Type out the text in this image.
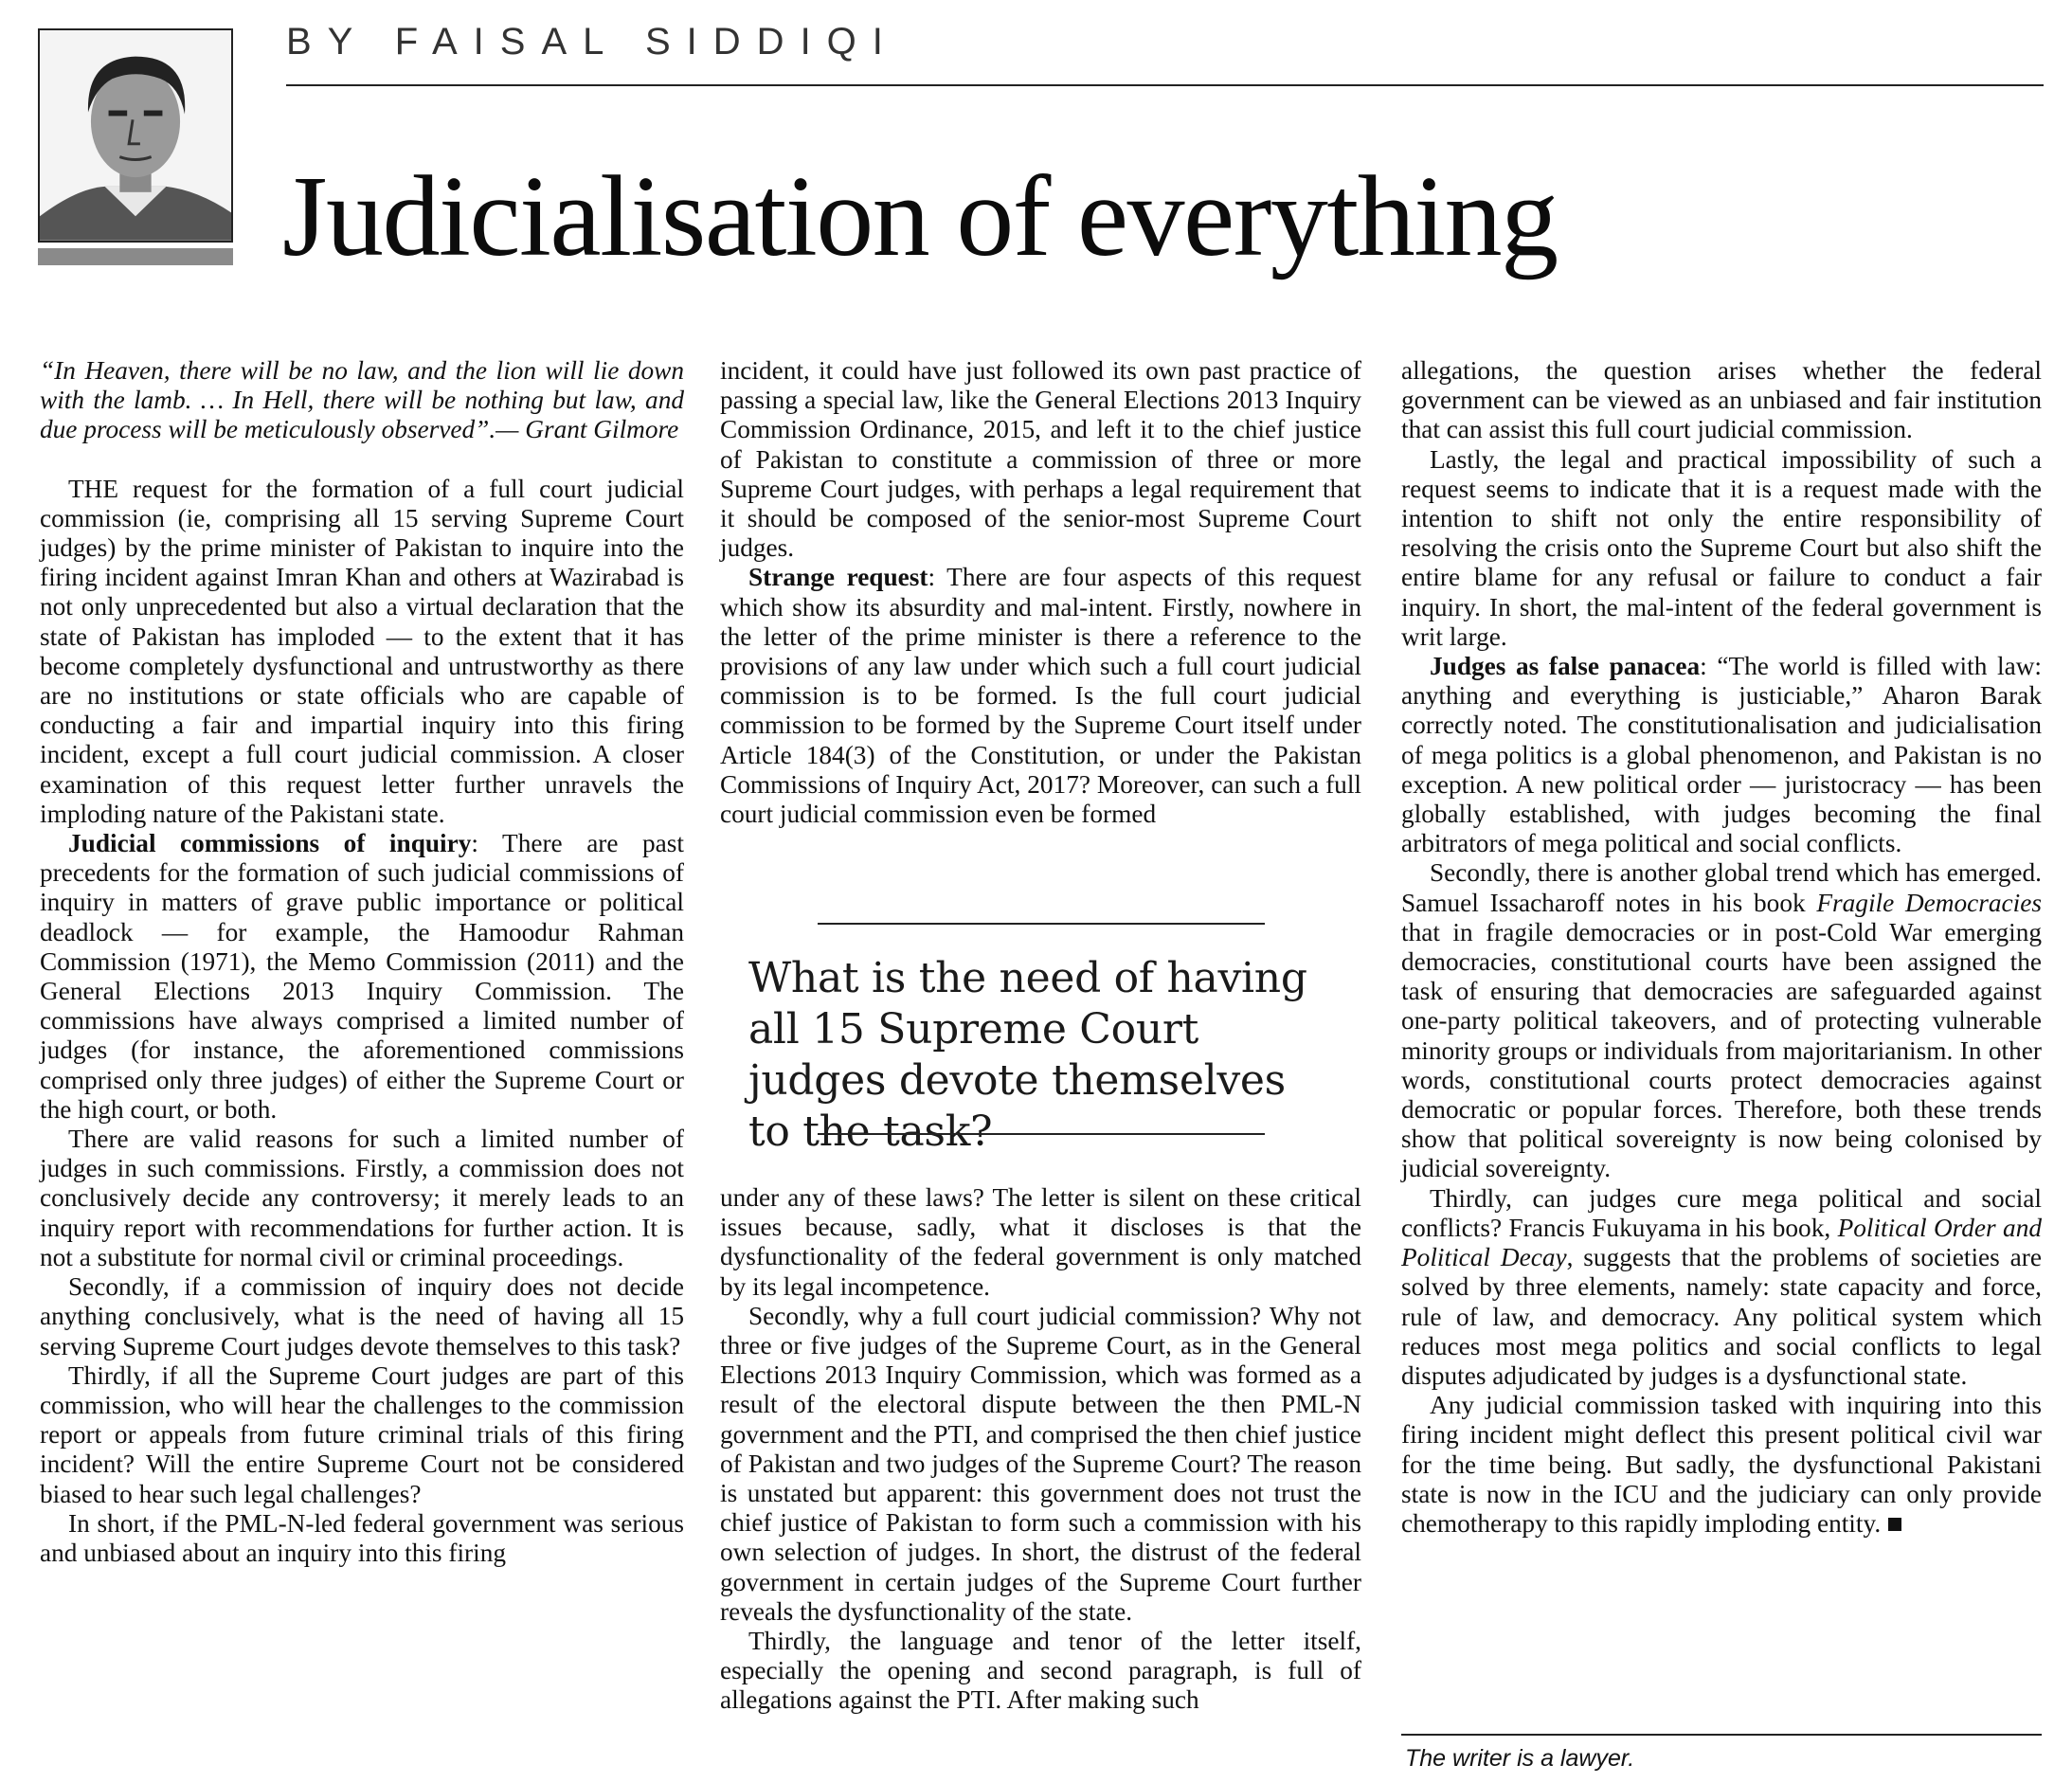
BY FAISAL SIDDIQI
Judicialisation of everything

“In Heaven, there will be no law, and the lion will lie down with the lamb. … In Hell, there will be nothing but law, and due process will be meticulously observed”.— Grant Gilmore

THE request for the formation of a full court judicial commission (ie, comprising all 15 serving Supreme Court judges) by the prime minister of Pakistan to inquire into the firing incident against Imran Khan and others at Wazirabad is not only unprecedented but also a virtual declaration that the state of Pakistan has imploded — to the extent that it has become completely dysfunctional and untrustworthy as there are no institutions or state officials who are capable of conducting a fair and impartial inquiry into this firing incident, except a full court judicial commission. A closer examination of this request letter further unravels the imploding nature of the Pakistani state.

Judicial commissions of inquiry: There are past precedents for the formation of such judicial commissions of inquiry in matters of grave public importance or political deadlock — for example, the Hamoodur Rahman Commission (1971), the Memo Commission (2011) and the General Elections 2013 Inquiry Commission. The commissions have always comprised a limited number of judges (for instance, the aforementioned commissions comprised only three judges) of either the Supreme Court or the high court, or both.

There are valid reasons for such a limited number of judges in such commissions. Firstly, a commission does not conclusively decide any controversy; it merely leads to an inquiry report with recommendations for further action. It is not a substitute for normal civil or criminal proceedings.

Secondly, if a commission of inquiry does not decide anything conclusively, what is the need of having all 15 serving Supreme Court judges devote themselves to this task?

Thirdly, if all the Supreme Court judges are part of this commission, who will hear the challenges to the commission report or appeals from future criminal trials of this firing incident? Will the entire Supreme Court not be considered biased to hear such legal challenges?

In short, if the PML-N-led federal government was serious and unbiased about an inquiry into this firing

incident, it could have just followed its own past practice of passing a special law, like the General Elections 2013 Inquiry Commission Ordinance, 2015, and left it to the chief justice of Pakistan to constitute a commission of three or more Supreme Court judges, with perhaps a legal requirement that it should be composed of the senior-most Supreme Court judges.

Strange request: There are four aspects of this request which show its absurdity and mal-intent. Firstly, nowhere in the letter of the prime minister is there a reference to the provisions of any law under which such a full court judicial commission is to be formed. Is the full court judicial commission to be formed by the Supreme Court itself under Article 184(3) of the Constitution, or under the Pakistan Commissions of Inquiry Act, 2017? Moreover, can such a full court judicial commission even be formed

What is the need of having all 15 Supreme Court judges devote themselves to the task?

under any of these laws? The letter is silent on these critical issues because, sadly, what it discloses is that the dysfunctionality of the federal government is only matched by its legal incompetence.

Secondly, why a full court judicial commission? Why not three or five judges of the Supreme Court, as in the General Elections 2013 Inquiry Commission, which was formed as a result of the electoral dispute between the then PML-N government and the PTI, and comprised the then chief justice of Pakistan and two judges of the Supreme Court? The reason is unstated but apparent: this government does not trust the chief justice of Pakistan to form such a commission with his own selection of judges. In short, the distrust of the federal government in certain judges of the Supreme Court further reveals the dysfunctionality of the state.

Thirdly, the language and tenor of the letter itself, especially the opening and second paragraph, is full of allegations against the PTI. After making such

allegations, the question arises whether the federal government can be viewed as an unbiased and fair institution that can assist this full court judicial commission.

Lastly, the legal and practical impossibility of such a request seems to indicate that it is a request made with the intention to shift not only the entire responsibility of resolving the crisis onto the Supreme Court but also shift the entire blame for any refusal or failure to conduct a fair inquiry. In short, the mal-intent of the federal government is writ large.

Judges as false panacea: “The world is filled with law: anything and everything is justiciable,” Aharon Barak correctly noted. The constitutionalisation and judicialisation of mega politics is a global phenomenon, and Pakistan is no exception. A new political order — juristocracy — has been globally established, with judges becoming the final arbitrators of mega political and social conflicts.

Secondly, there is another global trend which has emerged. Samuel Issacharoff notes in his book Fragile Democracies that in fragile democracies or in post-Cold War emerging democracies, constitutional courts have been assigned the task of ensuring that democracies are safeguarded against one-party political takeovers, and of protecting vulnerable minority groups or individuals from majoritarianism. In other words, constitutional courts protect democracies against democratic or popular forces. Therefore, both these trends show that political sovereignty is now being colonised by judicial sovereignty.

Thirdly, can judges cure mega political and social conflicts? Francis Fukuyama in his book, Political Order and Political Decay, suggests that the problems of societies are solved by three elements, namely: state capacity and force, rule of law, and democracy. Any political system which reduces most mega politics and social conflicts to legal disputes adjudicated by judges is a dysfunctional state.

Any judicial commission tasked with inquiring into this firing incident might deflect this present political civil war for the time being. But sadly, the dysfunctional Pakistani state is now in the ICU and the judiciary can only provide chemotherapy to this rapidly imploding entity.

The writer is a lawyer.
